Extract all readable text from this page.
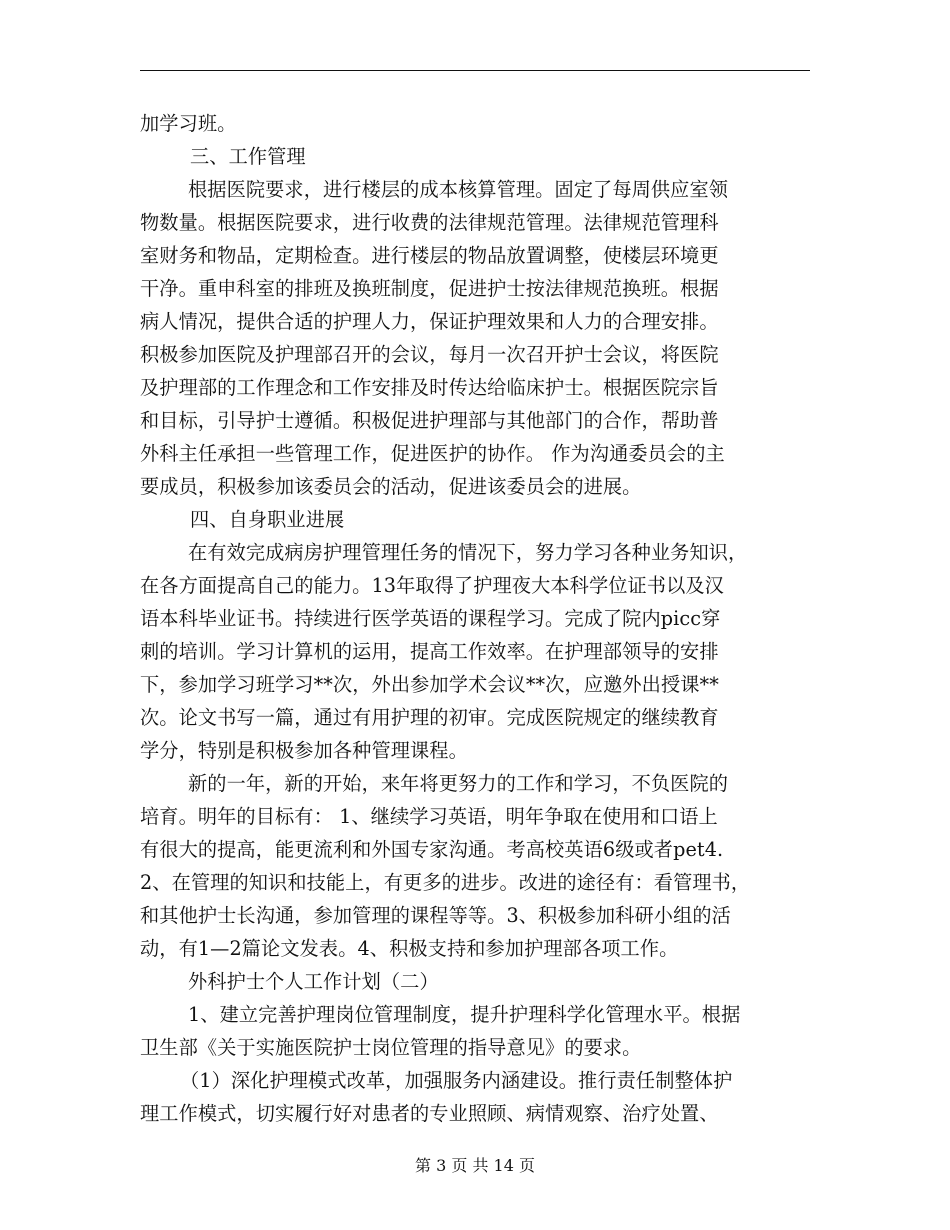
加学习班。
三、工作管理
根据医院要求，进行楼层的成本核算管理。固定了每周供应室领
物数量。根据医院要求，进行收费的法律规范管理。法律规范管理科
室财务和物品，定期检查。进行楼层的物品放置调整，使楼层环境更
干净。重申科室的排班及换班制度，促进护士按法律规范换班。根据
病人情况，提供合适的护理人力，保证护理效果和人力的合理安排。
积极参加医院及护理部召开的会议，每月一次召开护士会议，将医院
及护理部的工作理念和工作安排及时传达给临床护士。根据医院宗旨
和目标，引导护士遵循。积极促进护理部与其他部门的合作，帮助普
外科主任承担一些管理工作，促进医护的协作。 作为沟通委员会的主
要成员，积极参加该委员会的活动，促进该委员会的进展。
四、自身职业进展
在有效完成病房护理管理任务的情况下，努力学习各种业务知识，
在各方面提高自己的能力。13年取得了护理夜大本科学位证书以及汉
语本科毕业证书。持续进行医学英语的课程学习。完成了院内picc穿
刺的培训。学习计算机的运用，提高工作效率。在护理部领导的安排
下，参加学习班学习**次，外出参加学术会议**次，应邀外出授课**
次。论文书写一篇，通过有用护理的初审。完成医院规定的继续教育
学分，特别是积极参加各种管理课程。
新的一年，新的开始，来年将更努力的工作和学习，不负医院的
培育。明年的目标有： 1、继续学习英语，明年争取在使用和口语上
有很大的提高，能更流利和外国专家沟通。考高校英语6级或者pet4.
2、在管理的知识和技能上，有更多的进步。改进的途径有：看管理书，
和其他护士长沟通，参加管理的课程等等。3、积极参加科研小组的活
动，有1—2篇论文发表。4、积极支持和参加护理部各项工作。
外科护士个人工作计划（二）
1、建立完善护理岗位管理制度，提升护理科学化管理水平。根据
卫生部《关于实施医院护士岗位管理的指导意见》的要求。
（1）深化护理模式改革，加强服务内涵建设。推行责任制整体护
理工作模式，切实履行好对患者的专业照顾、病情观察、治疗处置、
第 3 页 共 14 页
